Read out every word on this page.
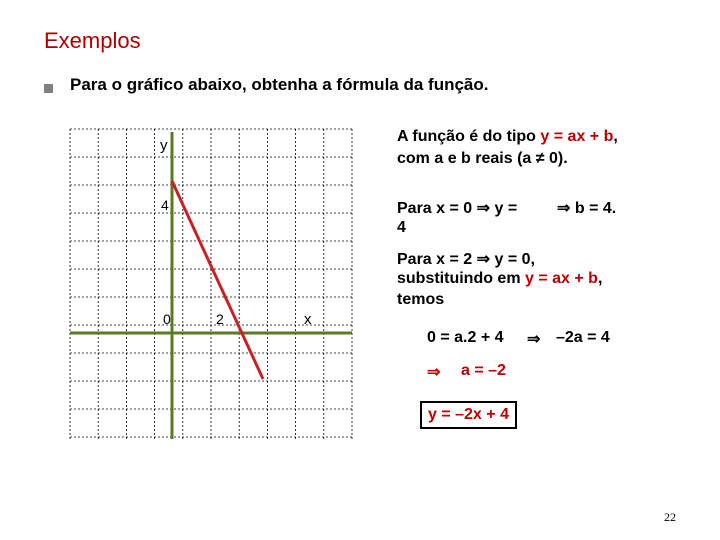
Exemplos
Para o gráfico abaixo, obtenha a fórmula da função.
y
4
0	2	x
A função é do tipo y = ax + b,
com a e b reais (a ≠ 0).
Para x = 0 ⇒ y = ⇒ b = 4.
4
Para x = 2 ⇒ y = 0,
substituindo em y = ax + b,
temos
0 = a.2 + 4 ⇒ –2a = 4
⇒ a = –2
y = –2x + 4
22
